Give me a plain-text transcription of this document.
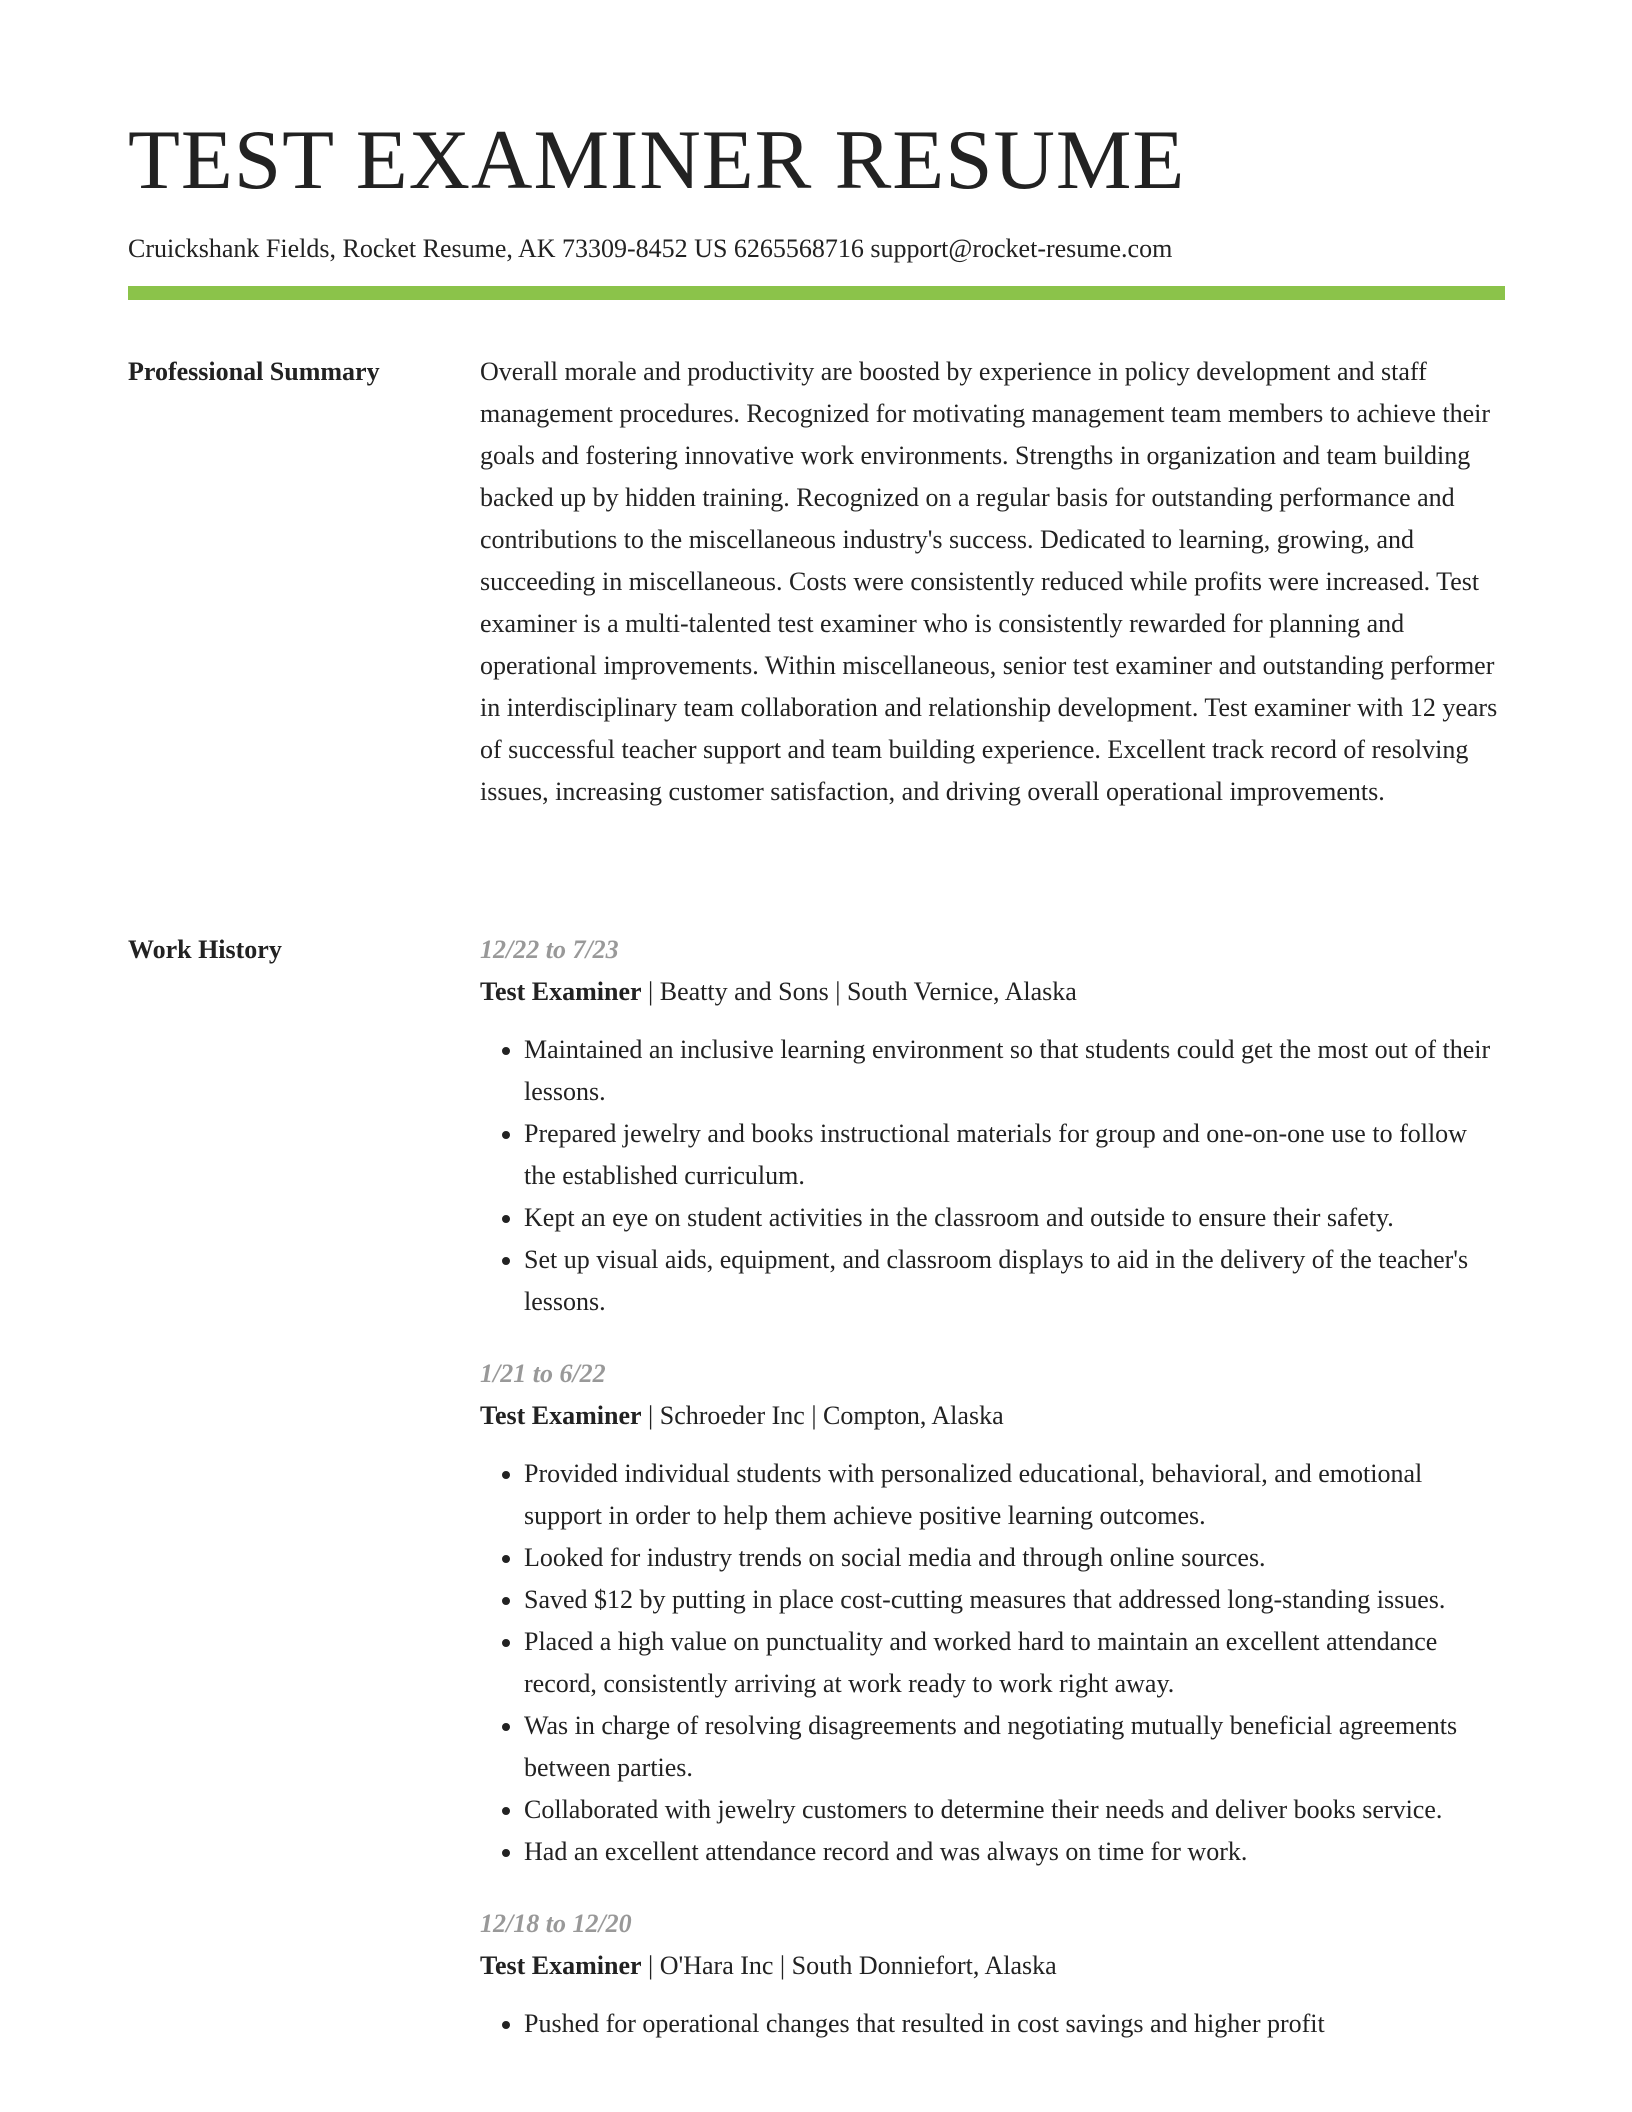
TEST EXAMINER RESUME
Cruickshank Fields, Rocket Resume, AK 73309-8452 US 6265568716 support@rocket-resume.com
Professional Summary	Overall morale and productivity are boosted by experience in policy development and staff management procedures. Recognized for motivating management team members to achieve their goals and fostering innovative work environments. Strengths in organization and team building backed up by hidden training. Recognized on a regular basis for outstanding performance and contributions to the miscellaneous industry's success. Dedicated to learning, growing, and succeeding in miscellaneous. Costs were consistently reduced while profits were increased. Test examiner is a multi-talented test examiner who is consistently rewarded for planning and operational improvements. Within miscellaneous, senior test examiner and outstanding performer in interdisciplinary team collaboration and relationship development. Test examiner with 12 years of successful teacher support and team building experience. Excellent track record of resolving issues, increasing customer satisfaction, and driving overall operational improvements.

Work History	12/22 to 7/23
Test Examiner | Beatty and Sons | South Vernice, Alaska
• Maintained an inclusive learning environment so that students could get the most out of their lessons.
• Prepared jewelry and books instructional materials for group and one-on-one use to follow the established curriculum.
• Kept an eye on student activities in the classroom and outside to ensure their safety.
• Set up visual aids, equipment, and classroom displays to aid in the delivery of the teacher's lessons.
1/21 to 6/22
Test Examiner | Schroeder Inc | Compton, Alaska
• Provided individual students with personalized educational, behavioral, and emotional support in order to help them achieve positive learning outcomes.
• Looked for industry trends on social media and through online sources.
• Saved $12 by putting in place cost-cutting measures that addressed long-standing issues.
• Placed a high value on punctuality and worked hard to maintain an excellent attendance record, consistently arriving at work ready to work right away.
• Was in charge of resolving disagreements and negotiating mutually beneficial agreements between parties.
• Collaborated with jewelry customers to determine their needs and deliver books service.
• Had an excellent attendance record and was always on time for work.
12/18 to 12/20
Test Examiner | O'Hara Inc | South Donniefort, Alaska
• Pushed for operational changes that resulted in cost savings and higher profit
